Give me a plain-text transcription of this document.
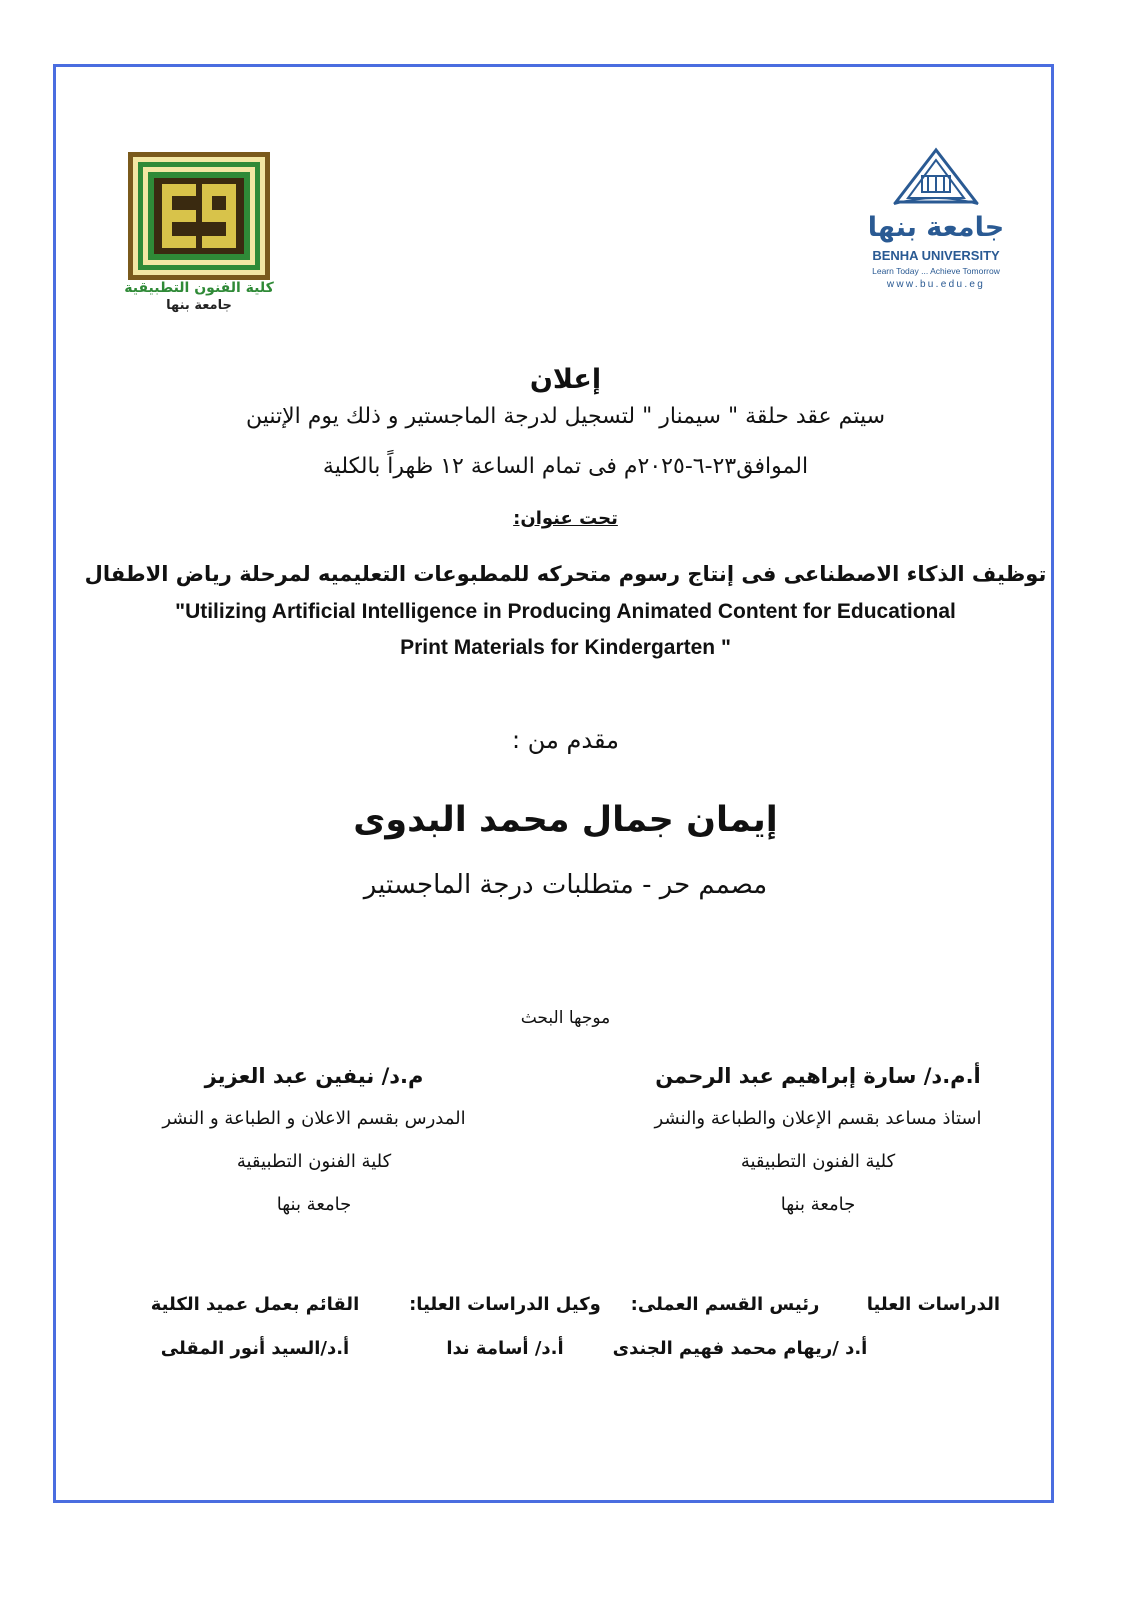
كلية الفنون التطبيقية
جامعة بنها
جامعة بنها
BENHA UNIVERSITY
Learn Today ... Achieve Tomorrow
www.bu.edu.eg
إعلان
سيتم عقد حلقة " سيمنار " لتسجيل لدرجة الماجستير و ذلك يوم الإتنين
الموافق٢٣-٦-٢٠٢٥م فى تمام الساعة ١٢ ظهراً بالكلية
تحت عنوان:
توظيف الذكاء الاصطناعى فى إنتاج رسوم متحركه للمطبوعات التعليميه لمرحلة رياض الاطفال
"Utilizing Artificial Intelligence in Producing Animated Content for Educational
Print Materials for Kindergarten "
مقدم من :
إيمان جمال محمد البدوى
مصمم حر - متطلبات درجة الماجستير
موجها البحث
أ.م.د/ سارة إبراهيم عبد الرحمن
استاذ مساعد بقسم الإعلان والطباعة والنشر
كلية الفنون التطبيقية
جامعة بنها
م.د/ نيفين عبد العزيز
المدرس بقسم الاعلان و الطباعة و النشر
كلية الفنون التطبيقية
جامعة بنها
الدراسات العليا
رئيس القسم العملى:
أ.د /ريهام محمد فهيم الجندى
وكيل الدراسات العليا:
أ.د/ أسامة ندا
القائم بعمل عميد الكلية
أ.د/السيد أنور المقلى
